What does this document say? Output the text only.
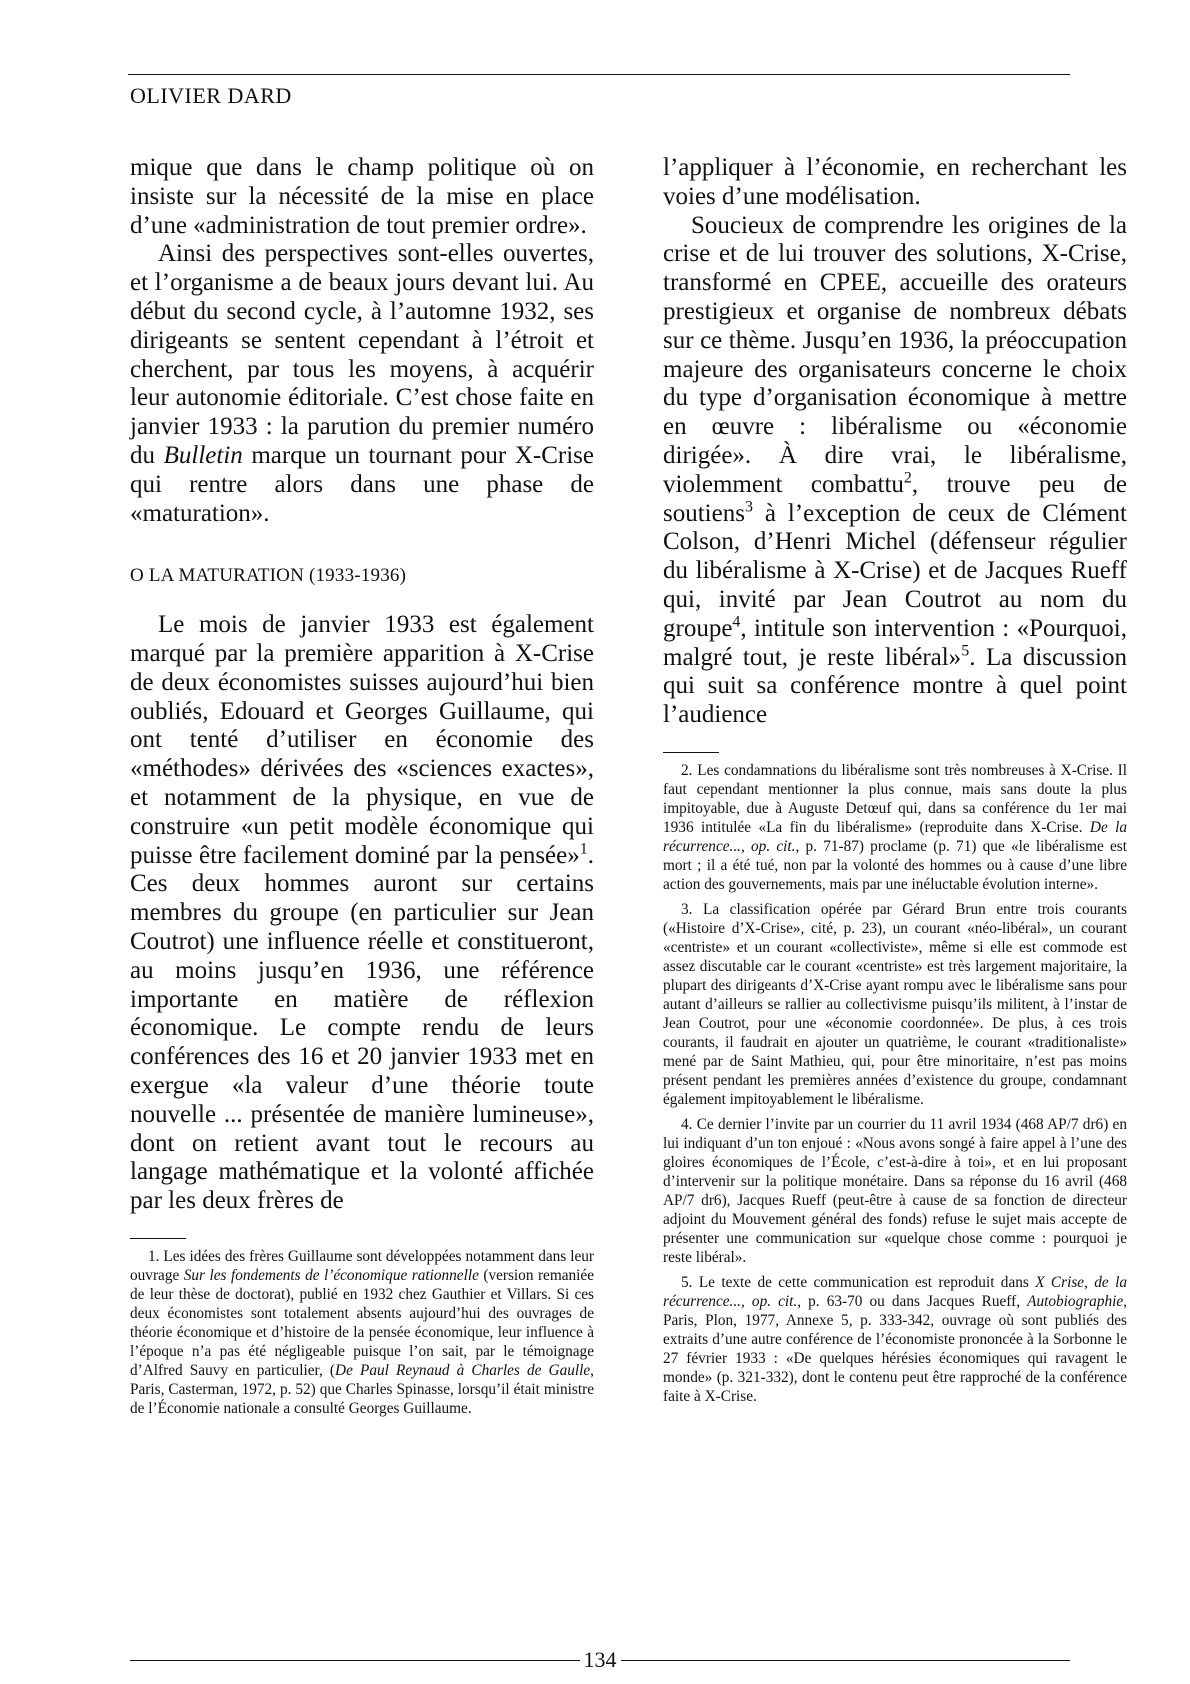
OLIVIER DARD

mique que dans le champ politique où on insiste sur la nécessité de la mise en place d’une «administration de tout premier ordre».

Ainsi des perspectives sont-elles ouvertes, et l’organisme a de beaux jours devant lui. Au début du second cycle, à l’automne 1932, ses dirigeants se sentent cependant à l’étroit et cherchent, par tous les moyens, à acquérir leur autonomie éditoriale. C’est chose faite en janvier 1933 : la parution du premier numéro du Bulletin marque un tournant pour X-Crise qui rentre alors dans une phase de «maturation».

O LA MATURATION (1933-1936)

Le mois de janvier 1933 est également marqué par la première apparition à X-Crise de deux économistes suisses aujourd’hui bien oubliés, Edouard et Georges Guillaume, qui ont tenté d’utiliser en économie des «méthodes» dérivées des «sciences exactes», et notamment de la physique, en vue de construire «un petit modèle économique qui puisse être facilement dominé par la pensée»$^1$. Ces deux hommes auront sur certains membres du groupe (en particulier sur Jean Coutrot) une influence réelle et constitueront, au moins jusqu’en 1936, une référence importante en matière de réflexion économique. Le compte rendu de leurs conférences des 16 et 20 janvier 1933 met en exergue «la valeur d’une théorie toute nouvelle ... présentée de manière lumineuse», dont on retient avant tout le recours au langage mathématique et la volonté affichée par les deux frères de

1. Les idées des frères Guillaume sont développées notamment dans leur ouvrage Sur les fondements de l’économique rationnelle (version remaniée de leur thèse de doctorat), publié en 1932 chez Gauthier et Villars. Si ces deux économistes sont totalement absents aujourd’hui des ouvrages de théorie économique et d’histoire de la pensée économique, leur influence à l’époque n’a pas été négligeable puisque l’on sait, par le témoignage d’Alfred Sauvy en particulier, (De Paul Reynaud à Charles de Gaulle, Paris, Casterman, 1972, p. 52) que Charles Spinasse, lorsqu’il était ministre de l’Économie nationale a consulté Georges Guillaume.

l’appliquer à l’économie, en recherchant les voies d’une modélisation.

Soucieux de comprendre les origines de la crise et de lui trouver des solutions, X-Crise, transformé en CPEE, accueille des orateurs prestigieux et organise de nombreux débats sur ce thème. Jusqu’en 1936, la préoccupation majeure des organisateurs concerne le choix du type d’organisation économique à mettre en œuvre : libéralisme ou «économie dirigée». À dire vrai, le libéralisme, violemment combattu$^2$, trouve peu de soutiens$^3$ à l’exception de ceux de Clément Colson, d’Henri Michel (défenseur régulier du libéralisme à X-Crise) et de Jacques Rueff qui, invité par Jean Coutrot au nom du groupe$^4$, intitule son intervention : «Pourquoi, malgré tout, je reste libéral»$^5$. La discussion qui suit sa conférence montre à quel point l’audience

2. Les condamnations du libéralisme sont très nombreuses à X-Crise. Il faut cependant mentionner la plus connue, mais sans doute la plus impitoyable, due à Auguste Detœuf qui, dans sa conférence du 1er mai 1936 intitulée «La fin du libéralisme» (reproduite dans X-Crise. De la récurrence..., op. cit., p. 71-87) proclame (p. 71) que «le libéralisme est mort ; il a été tué, non par la volonté des hommes ou à cause d’une libre action des gouvernements, mais par une inéluctable évolution interne».

3. La classification opérée par Gérard Brun entre trois courants («Histoire d’X-Crise», cité, p. 23), un courant «néo-libéral», un courant «centriste» et un courant «collectiviste», même si elle est commode est assez discutable car le courant «centriste» est très largement majoritaire, la plupart des dirigeants d’X-Crise ayant rompu avec le libéralisme sans pour autant d’ailleurs se rallier au collectivisme puisqu’ils militent, à l’instar de Jean Coutrot, pour une «économie coordonnée». De plus, à ces trois courants, il faudrait en ajouter un quatrième, le courant «traditionaliste» mené par de Saint Mathieu, qui, pour être minoritaire, n’est pas moins présent pendant les premières années d’existence du groupe, condamnant également impitoyablement le libéralisme.

4. Ce dernier l’invite par un courrier du 11 avril 1934 (468 AP/7 dr6) en lui indiquant d’un ton enjoué : «Nous avons songé à faire appel à l’une des gloires économiques de l’École, c’est-à-dire à toi», et en lui proposant d’intervenir sur la politique monétaire. Dans sa réponse du 16 avril (468 AP/7 dr6), Jacques Rueff (peut-être à cause de sa fonction de directeur adjoint du Mouvement général des fonds) refuse le sujet mais accepte de présenter une communication sur «quelque chose comme : pourquoi je reste libéral».

5. Le texte de cette communication est reproduit dans X Crise, de la récurrence..., op. cit., p. 63-70 ou dans Jacques Rueff, Autobiographie, Paris, Plon, 1977, Annexe 5, p. 333-342, ouvrage où sont publiés des extraits d’une autre conférence de l’économiste prononcée à la Sorbonne le 27 février 1933 : «De quelques hérésies économiques qui ravagent le monde» (p. 321-332), dont le contenu peut être rapproché de la conférence faite à X-Crise.

134
